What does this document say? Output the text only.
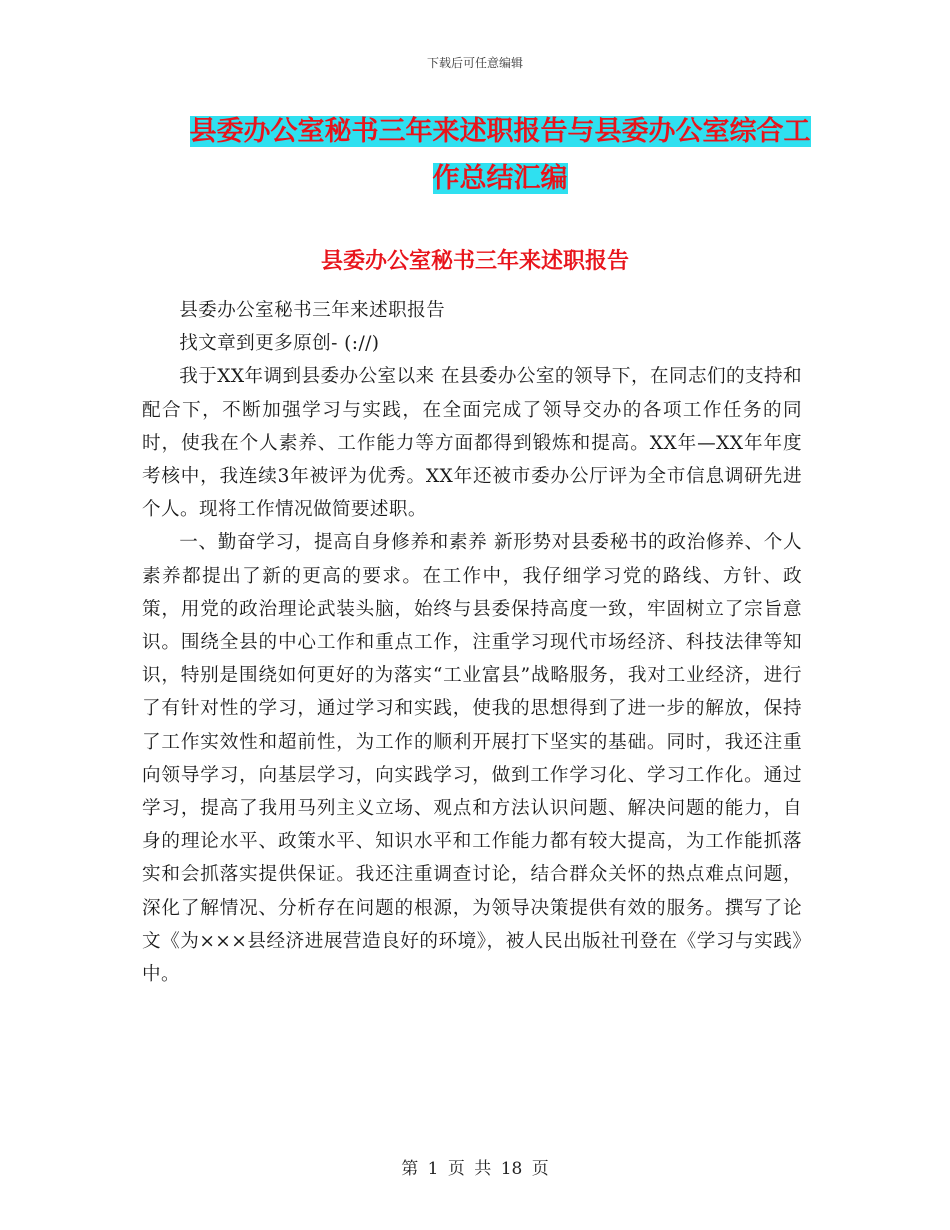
下载后可任意编辑
县委办公室秘书三年来述职报告与县委办公室综合工
作总结汇编
县委办公室秘书三年来述职报告

县委办公室秘书三年来述职报告

找文章到更多原创- (://)

我于XX年调到县委办公室以来 在县委办公室的领导下，在同志们的支持和配合下，不断加强学习与实践，在全面完成了领导交办的各项工作任务的同时，使我在个人素养、工作能力等方面都得到锻炼和提高。XX年—XX年年度考核中，我连续3年被评为优秀。XX年还被市委办公厅评为全市信息调研先进个人。现将工作情况做简要述职。

一、勤奋学习，提高自身修养和素养 新形势对县委秘书的政治修养、个人素养都提出了新的更高的要求。在工作中，我仔细学习党的路线、方针、政策，用党的政治理论武装头脑，始终与县委保持高度一致，牢固树立了宗旨意识。围绕全县的中心工作和重点工作，注重学习现代市场经济、科技法律等知识，特别是围绕如何更好的为落实“工业富县”战略服务，我对工业经济，进行了有针对性的学习，通过学习和实践，使我的思想得到了进一步的解放，保持了工作实效性和超前性，为工作的顺利开展打下坚实的基础。同时，我还注重向领导学习，向基层学习，向实践学习，做到工作学习化、学习工作化。通过学习，提高了我用马列主义立场、观点和方法认识问题、解决问题的能力，自身的理论水平、政策水平、知识水平和工作能力都有较大提高，为工作能抓落实和会抓落实提供保证。我还注重调查讨论，结合群众关怀的热点难点问题，深化了解情况、分析存在问题的根源，为领导决策提供有效的服务。撰写了论文《为×××县经济进展营造良好的环境》，被人民出版社刊登在《学习与实践》中。

第 1 页 共 18 页
